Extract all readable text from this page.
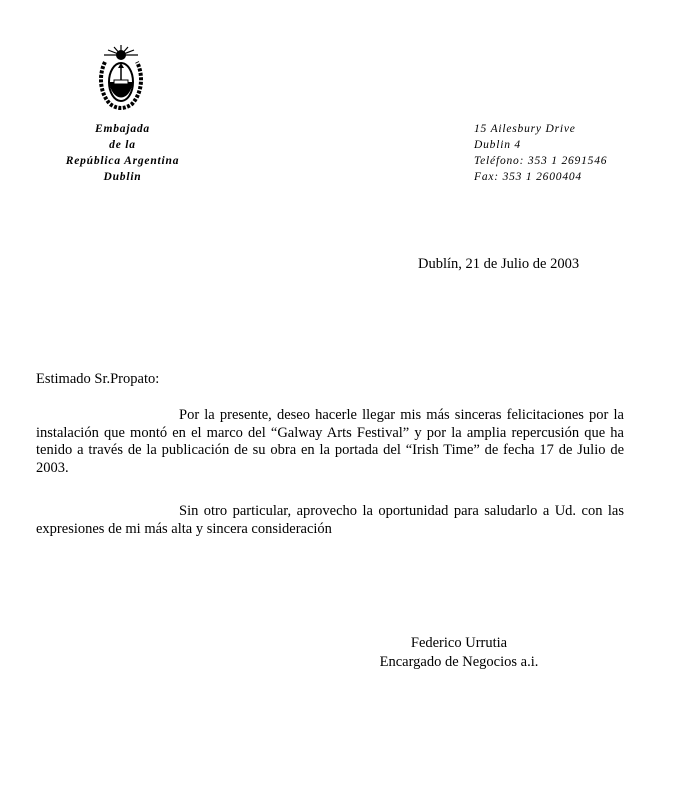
Embajada
de la
República Argentina
Dublin
15 Ailesbury Drive
Dublin 4
Teléfono: 353 1 2691546
Fax: 353 1 2600404
Dublín, 21 de Julio de 2003
Estimado Sr.Propato:

Por la presente, deseo hacerle llegar mis más sinceras felicitaciones por la instalación que montó en el marco del “Galway Arts Festival” y por la amplia repercusión que ha tenido a través de la publicación de su obra en la portada del “Irish Time” de fecha 17 de Julio de 2003.

Sin otro particular, aprovecho la oportunidad para saludarlo a Ud. con las expresiones de mi más alta y sincera consideración

Federico Urrutia
Encargado de Negocios a.i.
